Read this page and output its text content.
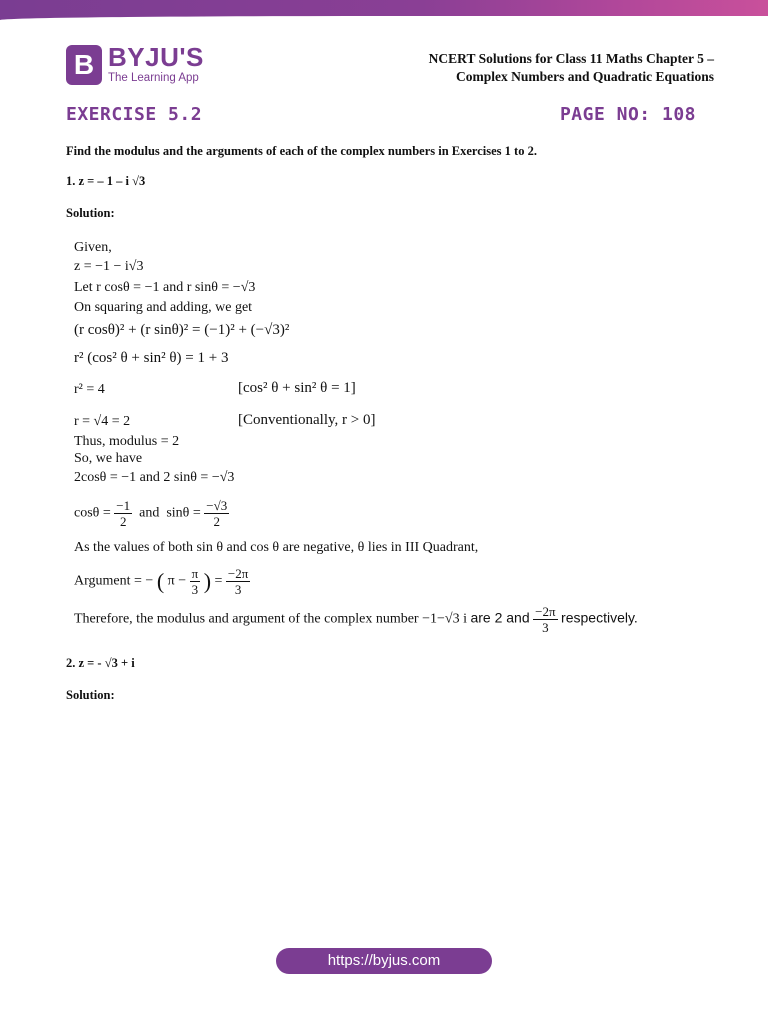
B BYJU'S
The Learning App
NCERT Solutions for Class 11 Maths Chapter 5 –
Complex Numbers and Quadratic Equations
EXERCISE 5.2	PAGE NO: 108
Find the modulus and the arguments of each of the complex numbers in Exercises 1 to 2.
1. z = – 1 – i √3
Solution:
Given,
z = −1 − i√3
Let r cosθ = −1 and r sinθ = −√3
On squaring and adding, we get
(r cosθ)² + (r sinθ)² = (−1)² + (−√3)²
r² (cos² θ + sin² θ) = 1 + 3
r² = 4	[cos² θ + sin² θ = 1]
r = √4 = 2	[Conventionally, r > 0]
Thus, modulus = 2
So, we have
2cosθ = −1 and 2 sinθ = −√3
$\cos\theta = \frac{-1}{2}$ and $\sin\theta = \frac{-√3}{2}$
As the values of both sin θ and cos θ are negative, θ lies in III Quadrant,
Argument = − ( $\pi - \frac{\pi}{3}$ ) = $\frac{-2\pi}{3}$
Therefore, the modulus and argument of the complex number −1−√3 i are 2 and $\frac{-2\pi}{3}$ respectively.
2. z = - √3 + i
Solution:
https://byjus.com
